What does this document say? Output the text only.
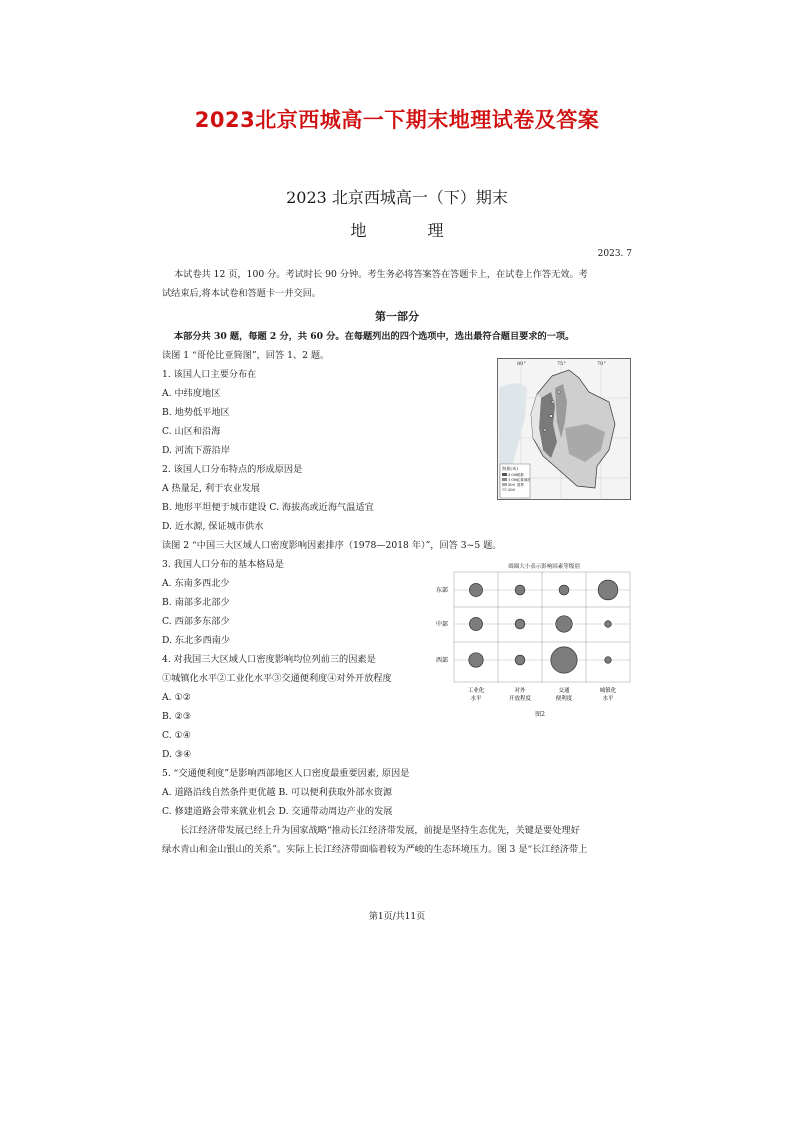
2023北京西城高一下期末地理试卷及答案
2023 北京西城高一（下）期末
地 理
2023. 7
本试卷共 12 页，100 分。考试时长 90 分钟。考生务必将答案答在答题卡上，在试卷上作答无效。考
试结束后,将本试卷和答题卡一并交回。
第一部分
本部分共 30 题，每题 2 分，共 60 分。在每题列出的四个选项中，选出最符合题目要求的一项。
读图 1 “哥伦比亚简图”，回答 1、2 题。
1. 该国人口主要分布在
A. 中纬度地区
B. 地势低平地区
C. 山区和沿海
D. 河流下游沿岸
2. 该国人口分布特点的形成原因是
A 热量足, 利于农业发展
B. 地形平坦便于城市建设 C. 海拔高或近海气温适宜
D. 近水源, 保证城市供水
读图 2 “中国三大区域人口密度影响因素排序（1978—2018 年）”，回答 3~5 题。
3. 我国人口分布的基本格局是
A. 东南多西北少
B. 南部多北部少
C. 西部多东部少
D. 东北多西南少
4. 对我国三大区域人口密度影响均位列前三的因素是
①城镇化水平②工业化水平③交通便利度④对外开放程度
A. ①②
B. ②③
C. ①④
D. ③④
5. “交通便利度”是影响西部地区人口密度最重要因素, 原因是
A. 道路沿线自然条件更优越 B. 可以便利获取外部水资源
C. 修建道路会带来就业机会 D. 交通带动周边产业的发展
长江经济带发展已经上升为国家战略“推动长江经济带发展，前提是坚持生态优先，关键是要处理好
绿水青山和金山银山的关系”。实际上长江经济带面临着较为严峻的生态环境压力。图 3 是“长江经济带上
80°	75°	70°
海拔(米)
3 000
1 000
500
200
首都
主要城市
国界
圆圈大小表示影响因素等级别
东部
中部
西部
工业化
水平
对外
开放程度
交通
便利度
城镇化
水平
图2
第1页/共11页
